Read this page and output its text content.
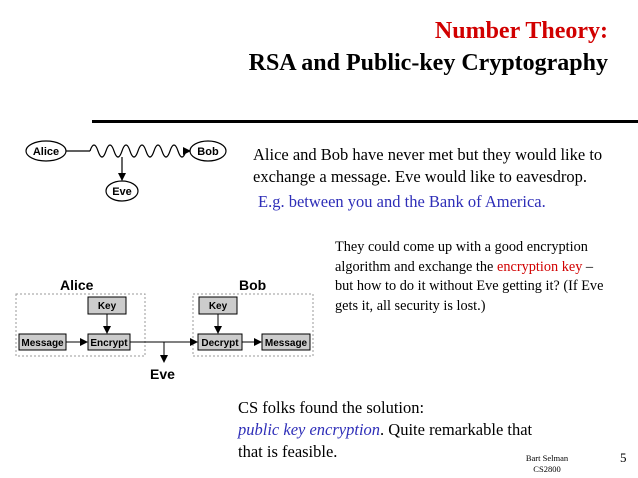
Number Theory:
RSA and Public-key Cryptography
Alice	Bob
Eve
Alice	Bob
Key
Message	Encrypt
Eve
Key
Decrypt	Message
Alice and Bob have never met but they would like to exchange a message. Eve would like to eavesdrop.
E.g. between you and the Bank of America.
They could come up with a good encryption algorithm and exchange the encryption key – but how to do it without Eve getting it? (If Eve gets it, all security is lost.)
CS folks found the solution:
public key encryption. Quite remarkable that that is feasible.	Bart Selman
CS2800
5
